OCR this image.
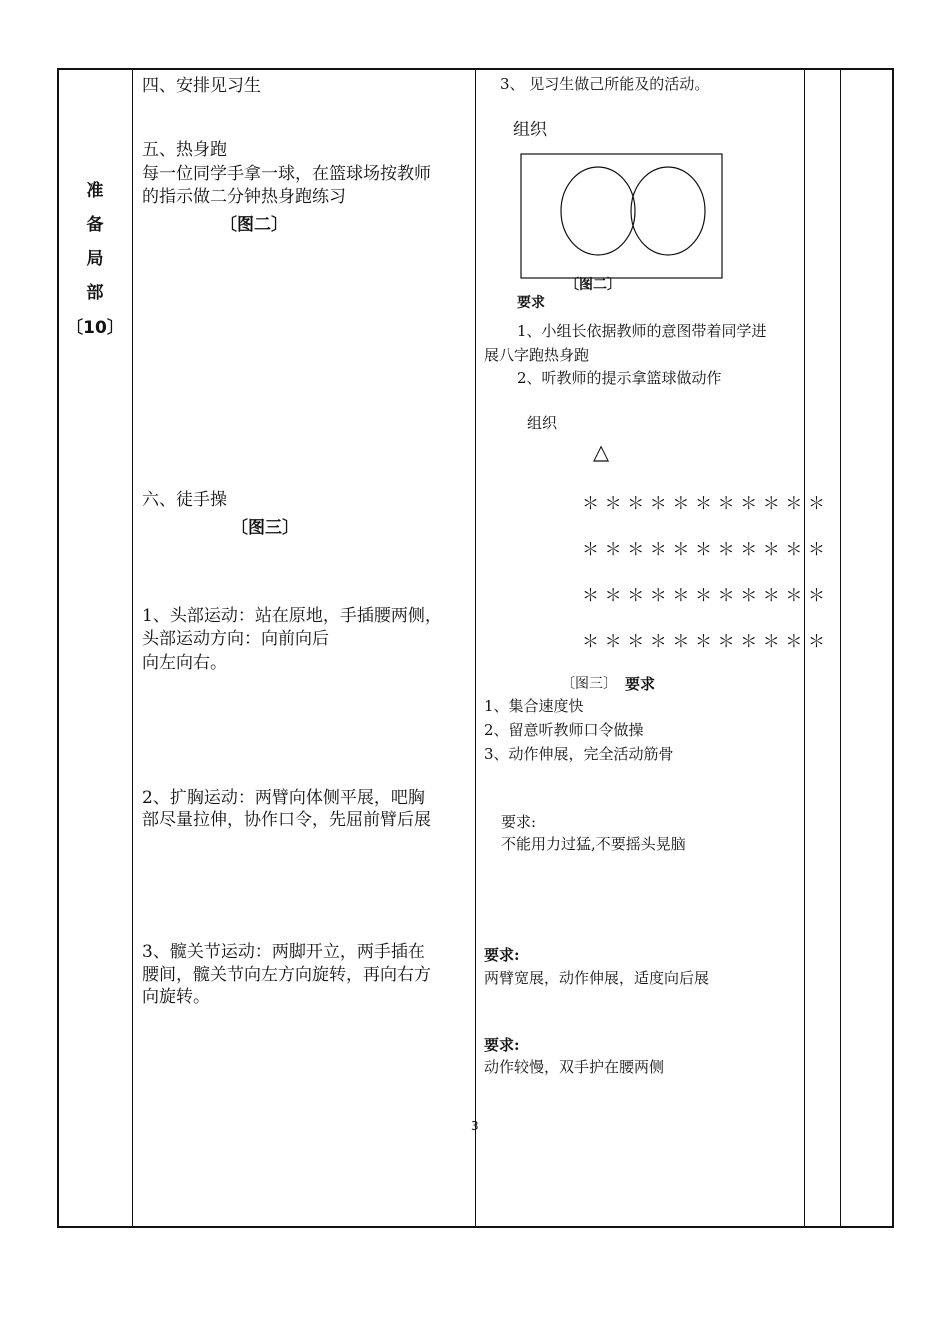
准
备
局
部
〔10〕
四、安排见习生
五、热身跑
每一位同学手拿一球，在篮球场按教师
的指示做二分钟热身跑练习
〔图二〕
六、徒手操
〔图三〕
1、头部运动：站在原地，手插腰两侧，
头部运动方向：向前向后
向左向右。
2、扩胸运动：两臂向体侧平展，吧胸
部尽量拉伸，协作口令，先屈前臂后展
3、髋关节运动：两脚开立，两手插在
腰间，髋关节向左方向旋转，再向右方
向旋转。
3、 见习生做己所能及的活动。
组织
〔图二〕
要求
1、小组长依据教师的意图带着同学进
展八字跑热身跑
2、听教师的提示拿篮球做动作
组织
△
＊＊＊＊＊＊＊＊＊＊＊
＊＊＊＊＊＊＊＊＊＊＊
＊＊＊＊＊＊＊＊＊＊＊
＊＊＊＊＊＊＊＊＊＊＊
〔图三〕 要求
1、集合速度快
2、留意听教师口令做操
3、动作伸展，完全活动筋骨
要求:
不能用力过猛,不要摇头晃脑
要求:
两臂宽展，动作伸展，适度向后展
要求:
动作较慢，双手护在腰两侧
3
